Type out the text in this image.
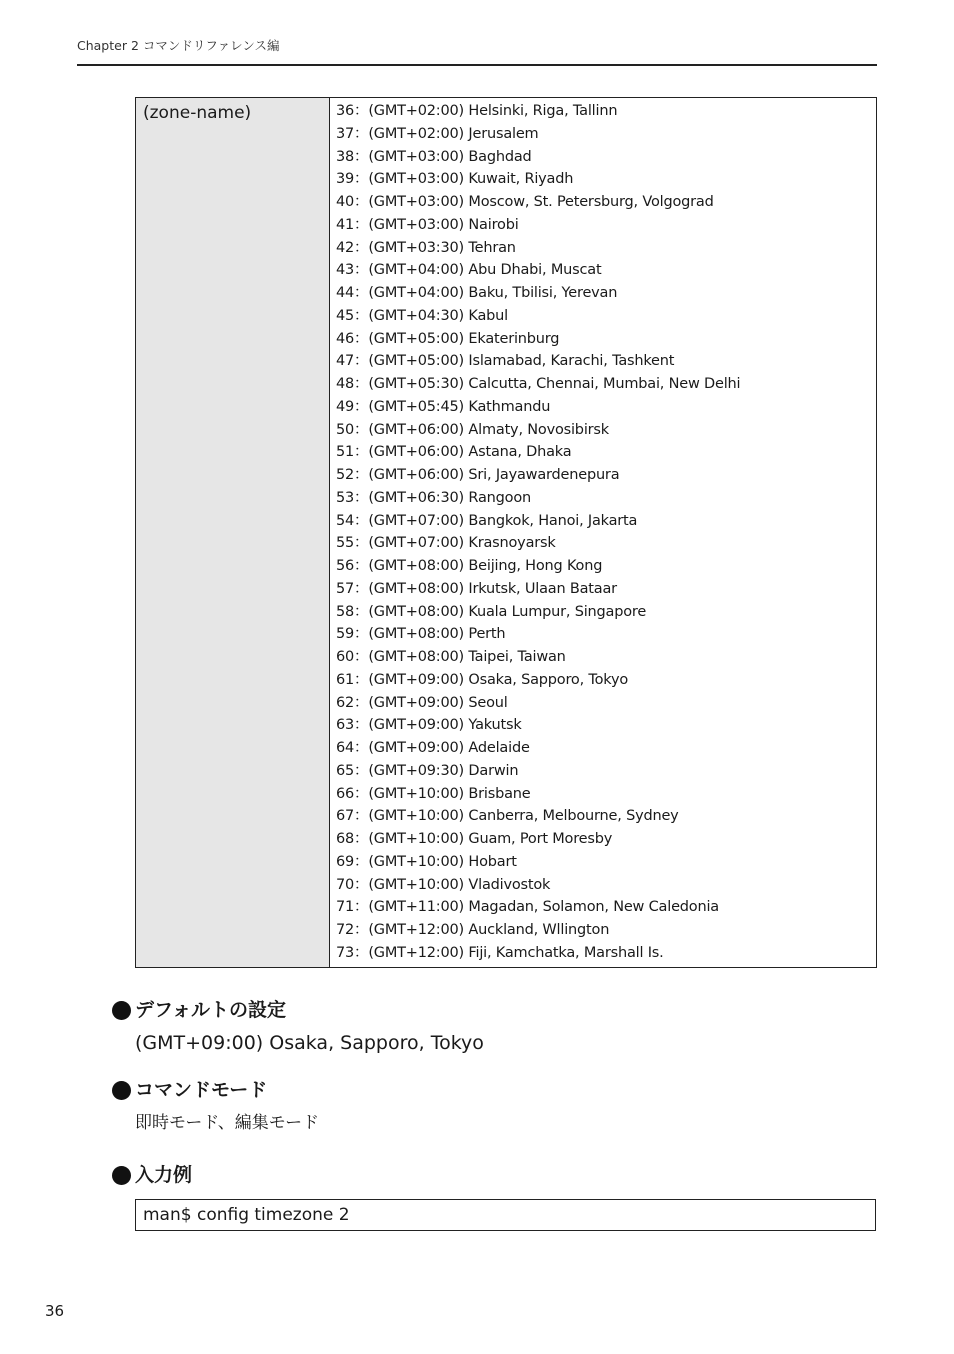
Chapter 2 コマンドリファレンス編
(zone-name)	36：(GMT+02:00) Helsinki, Riga, Tallinn
37：(GMT+02:00) Jerusalem
38：(GMT+03:00) Baghdad
39：(GMT+03:00) Kuwait, Riyadh
40：(GMT+03:00) Moscow, St. Petersburg, Volgograd
41：(GMT+03:00) Nairobi
42：(GMT+03:30) Tehran
43：(GMT+04:00) Abu Dhabi, Muscat
44：(GMT+04:00) Baku, Tbilisi, Yerevan
45：(GMT+04:30) Kabul
46：(GMT+05:00) Ekaterinburg
47：(GMT+05:00) Islamabad, Karachi, Tashkent
48：(GMT+05:30) Calcutta, Chennai, Mumbai, New Delhi
49：(GMT+05:45) Kathmandu
50：(GMT+06:00) Almaty, Novosibirsk
51：(GMT+06:00) Astana, Dhaka
52：(GMT+06:00) Sri, Jayawardenepura
53：(GMT+06:30) Rangoon
54：(GMT+07:00) Bangkok, Hanoi, Jakarta
55：(GMT+07:00) Krasnoyarsk
56：(GMT+08:00) Beijing, Hong Kong
57：(GMT+08:00) Irkutsk, Ulaan Bataar
58：(GMT+08:00) Kuala Lumpur, Singapore
59：(GMT+08:00) Perth
60：(GMT+08:00) Taipei, Taiwan
61：(GMT+09:00) Osaka, Sapporo, Tokyo
62：(GMT+09:00) Seoul
63：(GMT+09:00) Yakutsk
64：(GMT+09:00) Adelaide
65：(GMT+09:30) Darwin
66：(GMT+10:00) Brisbane
67：(GMT+10:00) Canberra, Melbourne, Sydney
68：(GMT+10:00) Guam, Port Moresby
69：(GMT+10:00) Hobart
70：(GMT+10:00) Vladivostok
71：(GMT+11:00) Magadan, Solamon, New Caledonia
72：(GMT+12:00) Auckland, Wllington
73：(GMT+12:00) Fiji, Kamchatka, Marshall Is.
デフォルトの設定
(GMT+09:00) Osaka, Sapporo, Tokyo
コマンドモード
即時モード、編集モード
入力例
man$ config timezone 2
36
